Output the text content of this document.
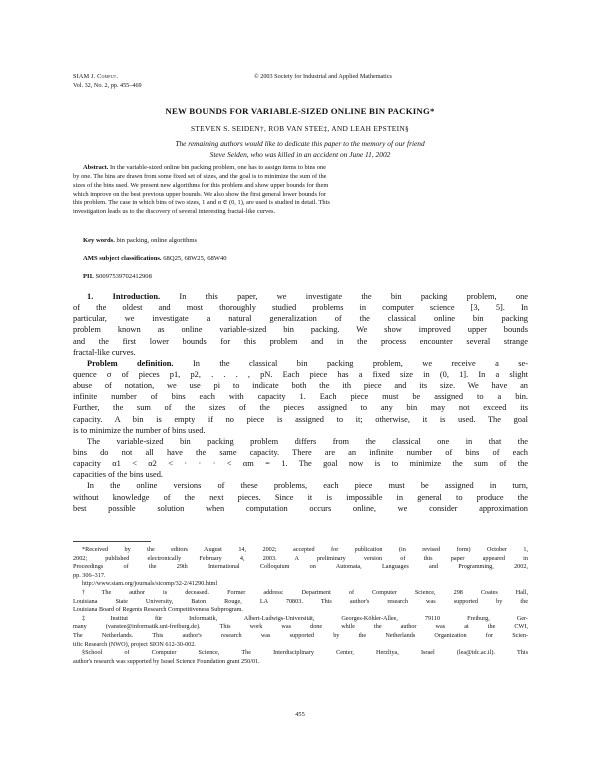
SIAM J. Comput.
Vol. 32, No. 2, pp. 455–469
© 2003 Society for Industrial and Applied Mathematics
NEW BOUNDS FOR VARIABLE-SIZED ONLINE BIN PACKING*
STEVEN S. SEIDEN†, ROB VAN STEE‡, AND LEAH EPSTEIN§
The remaining authors would like to dedicate this paper to the memory of our friend
Steve Seiden, who was killed in an accident on June 11, 2002
Abstract. In the variable-sized online bin packing problem, one has to assign items to bins one
by one. The bins are drawn from some fixed set of sizes, and the goal is to minimize the sum of the
sizes of the bins used. We present new algorithms for this problem and show upper bounds for them
which improve on the best previous upper bounds. We also show the first general lower bounds for
this problem. The case in which bins of two sizes, 1 and α ∈ (0, 1), are used is studied in detail. This
investigation leads us to the discovery of several interesting fractal-like curves.
Key words. bin packing, online algorithms
AMS subject classifications. 68Q25, 68W25, 68W40
PII. S0097539702412908
1. Introduction. In this paper, we investigate the bin packing problem, one
of the oldest and most thoroughly studied problems in computer science [3, 5]. In
particular, we investigate a natural generalization of the classical online bin packing
problem known as online variable-sized bin packing. We show improved upper bounds
and the first lower bounds for this problem and in the process encounter several strange
fractal-like curves.
Problem definition. In the classical bin packing problem, we receive a se-
quence σ of pieces p1, p2, . . . , pN. Each piece has a fixed size in (0, 1]. In a slight
abuse of notation, we use pi to indicate both the ith piece and its size. We have an
infinite number of bins each with capacity 1. Each piece must be assigned to a bin.
Further, the sum of the sizes of the pieces assigned to any bin may not exceed its
capacity. A bin is empty if no piece is assigned to it; otherwise, it is used. The goal
is to minimize the number of bins used.
The variable-sized bin packing problem differs from the classical one in that the
bins do not all have the same capacity. There are an infinite number of bins of each
capacity α1 < α2 < · · · < αm = 1. The goal now is to minimize the sum of the
capacities of the bins used.
In the online versions of these problems, each piece must be assigned in turn,
without knowledge of the next pieces. Since it is impossible in general to produce the
best possible solution when computation occurs online, we consider approximation
*Received by the editors August 14, 2002; accepted for publication (in revised form) October 1,
2002; published electronically February 4, 2003. A preliminary version of this paper appeared in
Proceedings of the 29th International Colloquium on Automata, Languages and Programming, 2002,
pp. 306–317.
http://www.siam.org/journals/sicomp/32-2/41290.html
†The author is deceased. Former address: Department of Computer Science, 298 Coates Hall,
Louisiana State University, Baton Rouge, LA 70803. This author's research was supported by the
Louisiana Board of Regents Research Competitiveness Subprogram.
‡Institut für Informatik, Albert-Ludwigs-Universität, Georges-Köhler-Allee, 79110 Freiburg, Ger-
many (vanstee@informatik.uni-freiburg.de). This work was done while the author was at the CWI,
The Netherlands. This author's research was supported by the Netherlands Organization for Scien-
tific Research (NWO), project SION 612-30-002.
§School of Computer Science, The Interdisciplinary Center, Herzliya, Israel (lea@idc.ac.il). This
author's research was supported by Israel Science Foundation grant 250/01.
455
